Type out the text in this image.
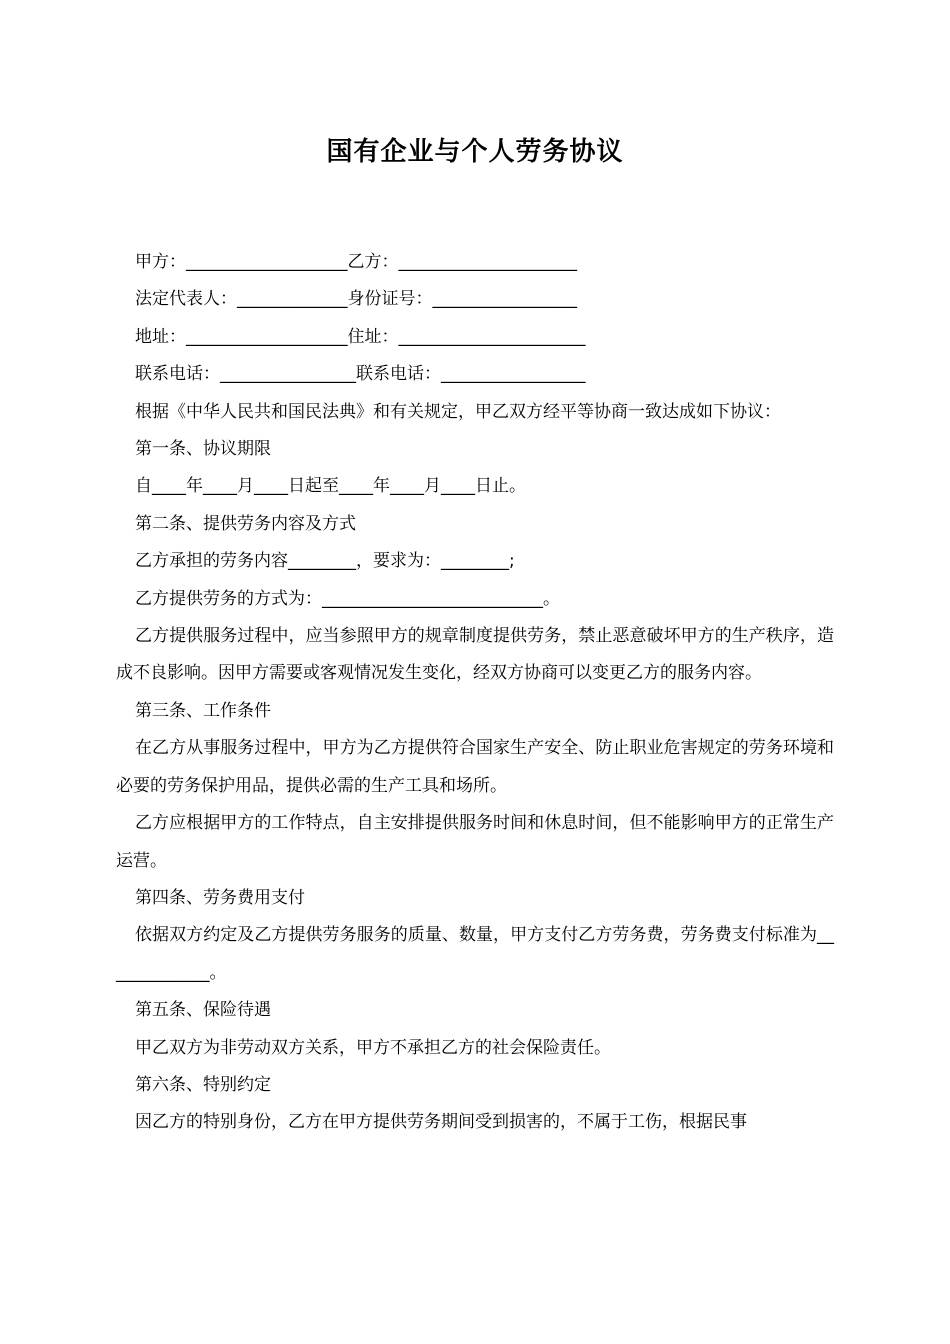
国有企业与个人劳务协议

甲方：___________________乙方：_____________________

法定代表人：_____________身份证号：_________________

地址：___________________住址：______________________

联系电话：________________联系电话：_________________

根据《中华人民共和国民法典》和有关规定，甲乙双方经平等协商一致达成如下协议：

第一条、协议期限

自____年____月____日起至____年____月____日止。

第二条、提供劳务内容及方式

乙方承担的劳务内容________，要求为：________;

乙方提供劳务的方式为：__________________________。

乙方提供服务过程中，应当参照甲方的规章制度提供劳务，禁止恶意破坏甲方的生产秩序，造成不良影响。因甲方需要或客观情况发生变化，经双方协商可以变更乙方的服务内容。

第三条、工作条件

在乙方从事服务过程中，甲方为乙方提供符合国家生产安全、防止职业危害规定的劳务环境和必要的劳务保护用品，提供必需的生产工具和场所。

乙方应根据甲方的工作特点，自主安排提供服务时间和休息时间，但不能影响甲方的正常生产运营。

第四条、劳务费用支付

依据双方约定及乙方提供劳务服务的质量、数量，甲方支付乙方劳务费，劳务费支付标准为_____________。

第五条、保险待遇

甲乙双方为非劳动双方关系，甲方不承担乙方的社会保险责任。

第六条、特别约定

因乙方的特别身份，乙方在甲方提供劳务期间受到损害的，不属于工伤，根据民事
